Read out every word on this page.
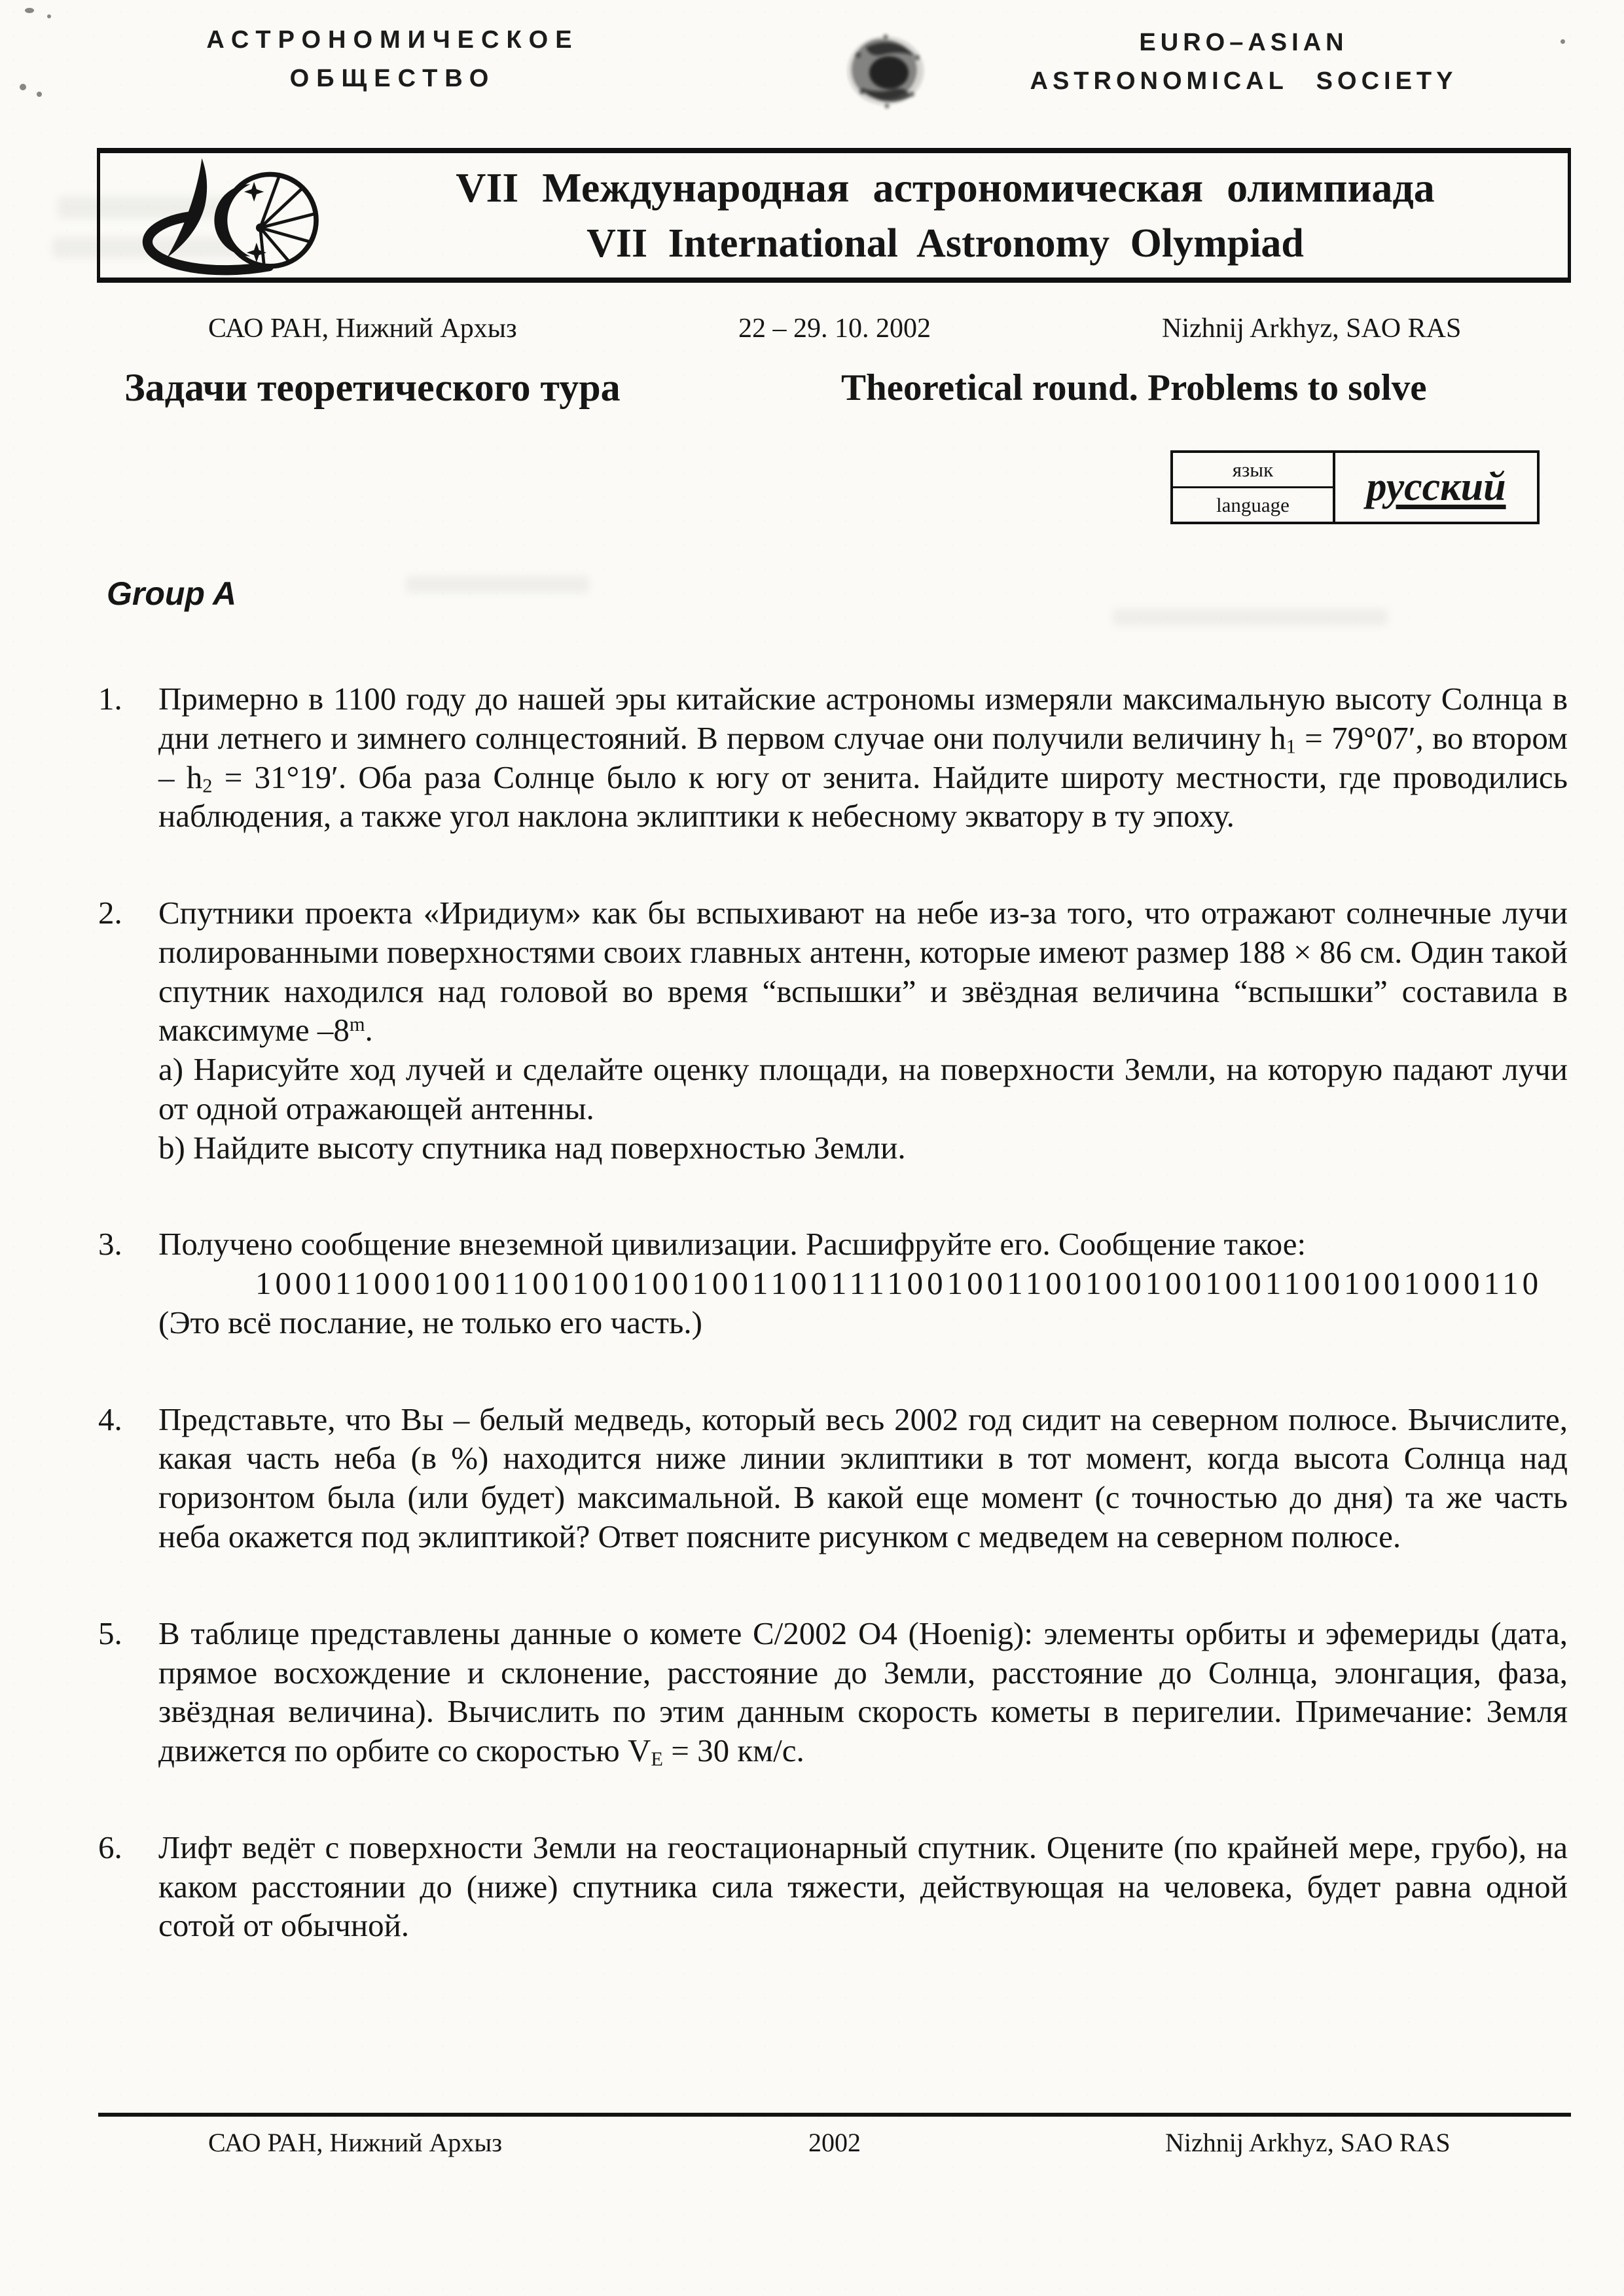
АСТРОНОМИЧЕСКОЕ
ОБЩЕСТВО
EURO–ASIAN
ASTRONOMICAL SOCIETY
VII Международная астрономическая олимпиада
VII International Astronomy Olympiad
САО РАН, Нижний Архыз	22 – 29. 10. 2002	Nizhnij Arkhyz, SAO RAS
Задачи теоретического тура	Theoretical round. Problems to solve
язык
language	русский
Group A
1.	Примерно в 1100 году до нашей эры китайские астрономы измеряли максимальную высоту Солнца в дни летнего и зимнего солнцестояний. В первом случае они получили величину $h_1 = 79^\circ 07'$, во втором – $h_2 = 31^\circ 19'$. Оба раза Солнце было к югу от зенита. Найдите широту местности, где проводились наблюдения, а также угол наклона эклиптики к небесному экватору в ту эпоху.
2.	Спутники проекта «Иридиум» как бы вспыхивают на небе из-за того, что отражают солнечные лучи полированными поверхностями своих главных антенн, которые имеют размер 188 × 86 см. Один такой спутник находился над головой во время “вспышки” и звёздная величина “вспышки” составила в максимуме –8$^m$.
a) Нарисуйте ход лучей и сделайте оценку площади, на поверхности Земли, на которую падают лучи от одной отражающей антенны.
b) Найдите высоту спутника над поверхностью Земли.
3.	Получено сообщение внеземной цивилизации. Расшифруйте его. Сообщение такое:
10001100010011001001001001100111100100110010010010011001001000110
(Это всё послание, не только его часть.)
4.	Представьте, что Вы – белый медведь, который весь 2002 год сидит на северном полюсе. Вычислите, какая часть неба (в %) находится ниже линии эклиптики в тот момент, когда высота Солнца над горизонтом была (или будет) максимальной. В какой еще момент (с точностью до дня) та же часть неба окажется под эклиптикой? Ответ поясните рисунком с медведем на северном полюсе.
5.	В таблице представлены данные о комете C/2002 O4 (Hoenig): элементы орбиты и эфемериды (дата, прямое восхождение и склонение, расстояние до Земли, расстояние до Солнца, элонгация, фаза, звёздная величина). Вычислить по этим данным скорость кометы в перигелии. Примечание: Земля движется по орбите со скоростью $V_E = 30$ км/с.
6.	Лифт ведёт с поверхности Земли на геостационарный спутник. Оцените (по крайней мере, грубо), на каком расстоянии до (ниже) спутника сила тяжести, действующая на человека, будет равна одной сотой от обычной.
САО РАН, Нижний Архыз	2002	Nizhnij Arkhyz, SAO RAS
